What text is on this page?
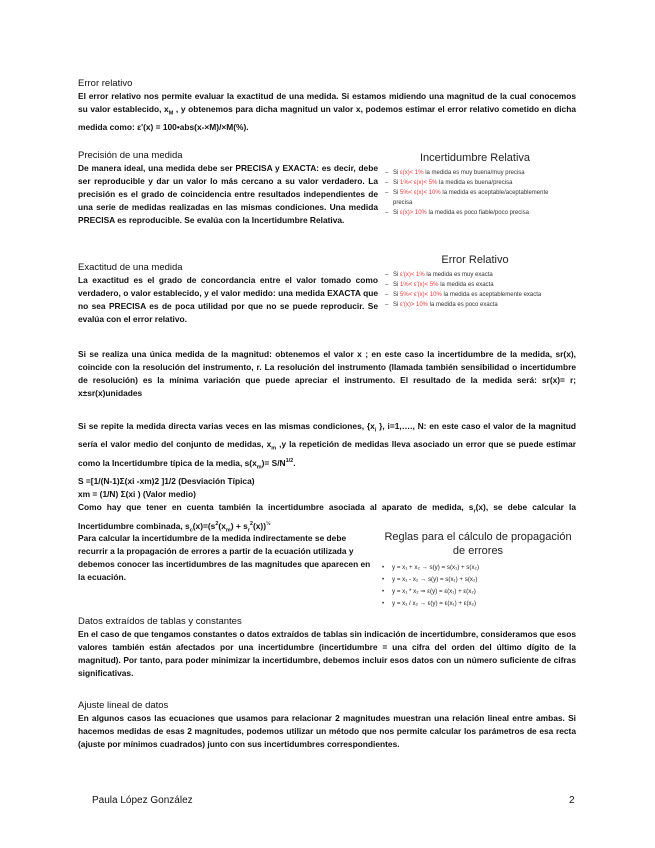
Error relativo

El error relativo nos permite evaluar la exactitud de una medida. Si estamos midiendo una magnitud de la cual conocemos su valor establecido, $x_M$ , y obtenemos para dicha magnitud un valor x, podemos estimar el error relativo cometido en dicha medida como: ε'(x) = 100•abs(x-×M)/×M(%).

Precisión de una medida

De manera ideal, una medida debe ser PRECISA y EXACTA: es decir, debe ser reproducible y dar un valor lo más cercano a su valor verdadero. La precisión es el grado de coincidencia entre resultados independientes de una serie de medidas realizadas en las mismas condiciones. Una medida PRECISA es reproducible. Se evalúa con la Incertidumbre Relativa.

Incertidumbre Relativa

– Si ε(x)< 1% la medida es muy buena/muy precisa
– Si 1%< ε(x)< 5% la medida es buena/precisa
– Si 5%< ε(x)< 10% la medida es aceptable/aceptablemente precisa
– Si ε(x)> 10% la medida es poco fiable/poco precisa

Exactitud de una medida

La exactitud es el grado de concordancia entre el valor tomado como verdadero, o valor establecido, y el valor medido: una medida EXACTA que no sea PRECISA es de poca utilidad por que no se puede reproducir. Se evalúa con el error relativo.

Error Relativo

– Si ε'(x)< 1% la medida es muy exacta
– Si 1%< ε'(x)< 5% la medida es exacta
– Si 5%< ε'(x)< 10% la medida es aceptablemente exacta
– Si ε'(x)> 10% la medida es poco exacta

Si se realiza una única medida de la magnitud: obtenemos el valor x ; en este caso la incertidumbre de la medida, sr(x), coincide con la resolución del instrumento, r. La resolución del instrumento (llamada también sensibilidad o incertidumbre de resolución) es la mínima variación que puede apreciar el instrumento. El resultado de la medida será: sr(x)= r; x±sr(x)unidades

Si se repite la medida directa varias veces en las mismas condiciones, {$x_i$ }, i=1,…., N: en este caso el valor de la magnitud sería el valor medio del conjunto de medidas, $x_m$ ,y la repetición de medidas lleva asociado un error que se puede estimar como la Incertidumbre típica de la media, $s(x_m)= S/N^{1/2}$.

S =[1/(N-1)Σ(xi -xm)2 ]1/2 (Desviación Típica)

xm = (1/N) Σ(xi ) (Valor medio)

Como hay que tener en cuenta también la incertidumbre asociada al aparato de medida, $s_r(x)$, se debe calcular la Incertidumbre combinada, $s_c(x)=(s^2(x_m) + s_r^2(x))^{\frac{1}{2}}$

Para calcular la incertidumbre de la medida indirectamente se debe recurrir a la propagación de errores a partir de la ecuación utilizada y debemos conocer las incertidumbres de las magnitudes que aparecen en la ecuación.

Reglas para el cálculo de propagación de errores

• y = x₁ + x₂ → s(y) = s(x₁) + s(x₂)
• y = x₁ - x₂ → s(y) = s(x₁) + s(x₂)
• y = x₁ * x₂ ⇒ ε(y) = ε(x₁) + ε(x₂)
• y = x₁ / x₂ → ε(y) = ε(x₁) + ε(x₂)

Datos extraídos de tablas y constantes

En el caso de que tengamos constantes o datos extraídos de tablas sin indicación de incertidumbre, consideramos que esos valores también están afectados por una incertidumbre (incertidumbre = una cifra del orden del último dígito de la magnitud). Por tanto, para poder minimizar la incertidumbre, debemos incluir esos datos con un número suficiente de cifras significativas.

Ajuste lineal de datos

En algunos casos las ecuaciones que usamos para relacionar 2 magnitudes muestran una relación lineal entre ambas. Si hacemos medidas de esas 2 magnitudes, podemos utilizar un método que nos permite calcular los parámetros de esa recta (ajuste por mínimos cuadrados) junto con sus incertidumbres correspondientes.

Paula López González	2
